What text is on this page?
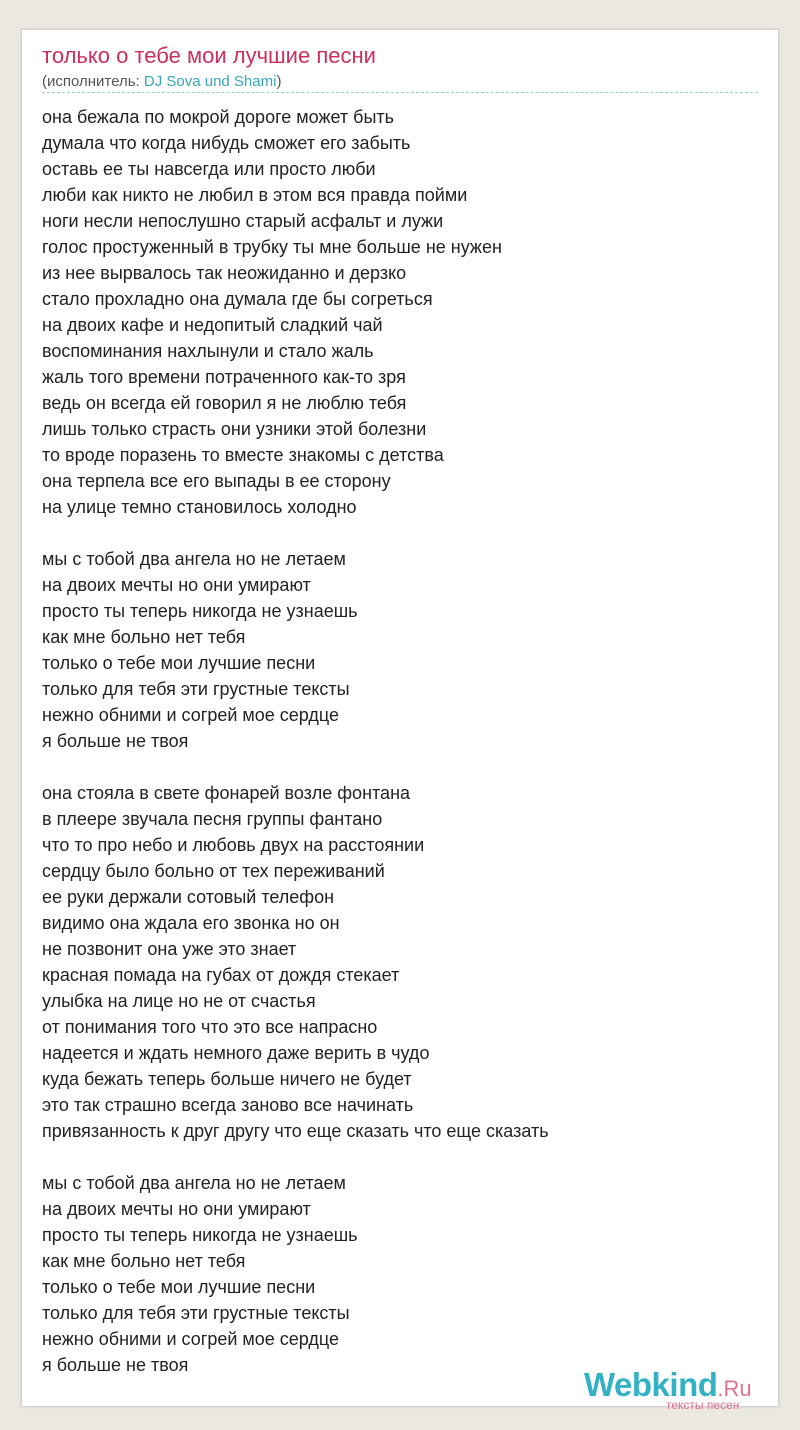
только о тебе мои лучшие песни
(исполнитель: DJ Sova und Shami)
она бежала по мокрой дороге может быть
думала что когда нибудь сможет его забыть
оставь ее ты навсегда или просто люби
люби как никто не любил в этом вся правда пойми
ноги несли непослушно старый асфальт и лужи
голос простуженный в трубку ты мне больше не нужен
из нее вырвалось так неожиданно и дерзко
стало прохладно она думала где бы согреться
на двоих кафе и недопитый сладкий чай
воспоминания нахлынули и стало жаль
жаль того времени потраченного как-то зря
ведь он всегда ей говорил я не люблю тебя
лишь только страсть они узники этой болезни
то вроде поразень то вместе знакомы с детства
она терпела все его выпады в ее сторону
на улице темно становилось холодно
мы с тобой два ангела но не летаем
на двоих мечты но они умирают
просто ты теперь никогда не узнаешь
как мне больно нет тебя
только о тебе мои лучшие песни
только для тебя эти грустные тексты
нежно обними и согрей мое сердце
я больше не твоя
она стояла в свете фонарей возле фонтана
в плеере звучала песня группы фантано
что то про небо и любовь двух на расстоянии
сердцу было больно от тех переживаний
ее руки держали сотовый телефон
видимо она ждала его звонка но он
не позвонит она уже это знает
красная помада на губах от дождя стекает
улыбка на лице но не от счастья
от понимания того что это все напрасно
надеется и ждать немного даже верить в чудо
куда бежать теперь больше ничего не будет
это так страшно всегда заново все начинать
привязанность к друг другу что еще сказать что еще сказать
мы с тобой два ангела но не летаем
на двоих мечты но они умирают
просто ты теперь никогда не узнаешь
как мне больно нет тебя
только о тебе мои лучшие песни
только для тебя эти грустные тексты
нежно обними и согрей мое сердце
я больше не твоя
Webkind.Ru
тексты песен
